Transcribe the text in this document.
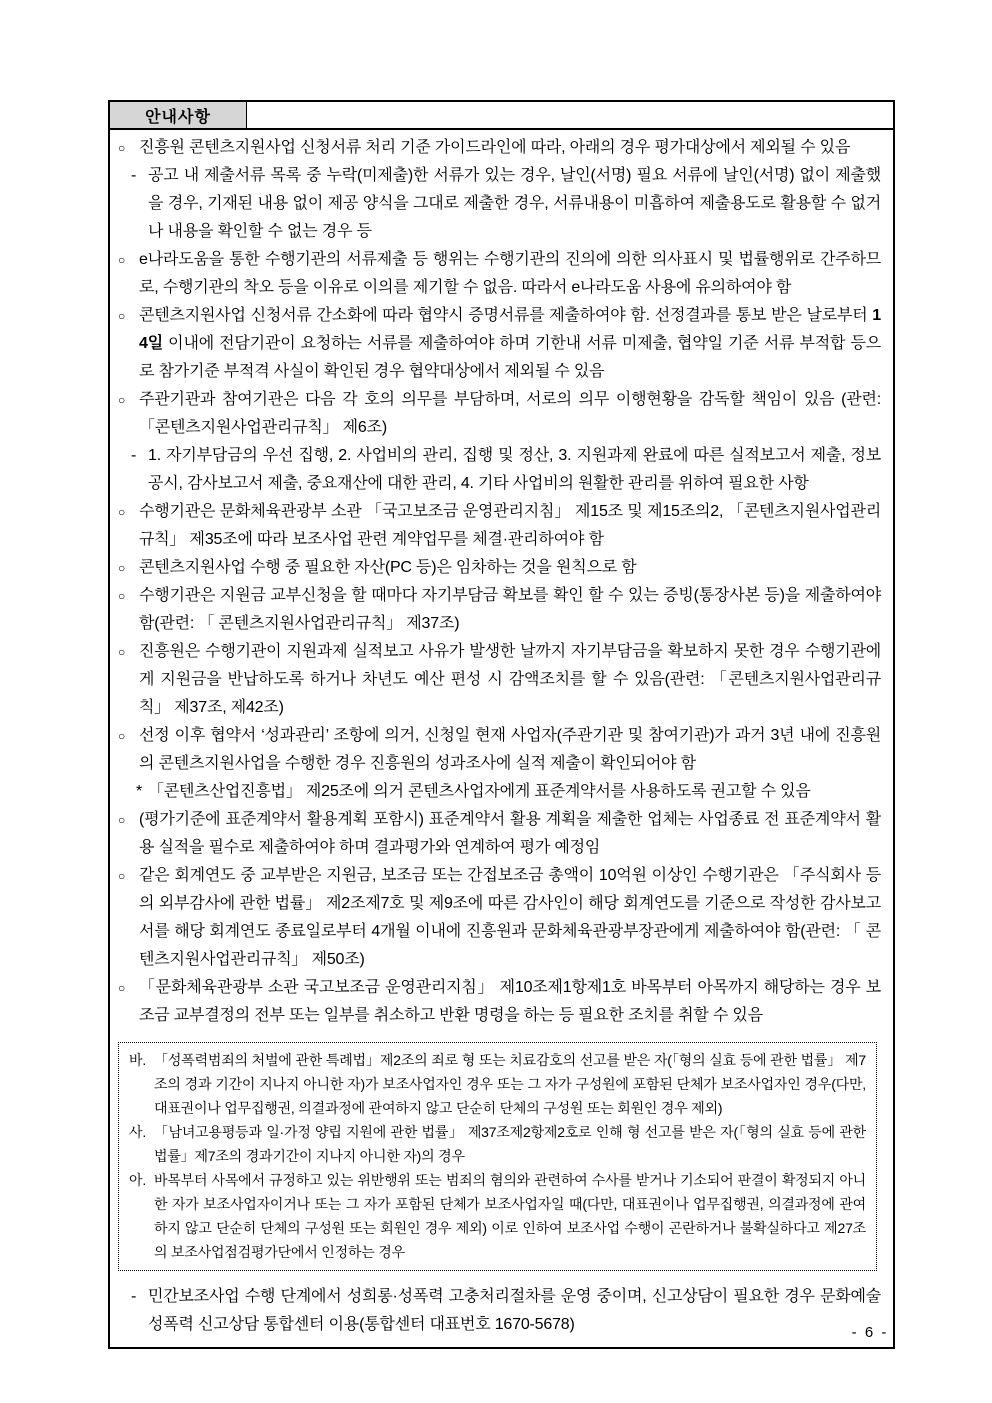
안내사항
○ 진흥원 콘텐츠지원사업 신청서류 처리 기준 가이드라인에 따라, 아래의 경우 평가대상에서 제외될 수 있음
- 공고 내 제출서류 목록 중 누락(미제출)한 서류가 있는 경우, 날인(서명) 필요 서류에 날인(서명) 없이 제출했을 경우, 기재된 내용 없이 제공 양식을 그대로 제출한 경우, 서류내용이 미흡하여 제출용도로 활용할 수 없거나 내용을 확인할 수 없는 경우 등
○ e나라도움을 통한 수행기관의 서류제출 등 행위는 수행기관의 진의에 의한 의사표시 및 법률행위로 간주하므로, 수행기관의 착오 등을 이유로 이의를 제기할 수 없음. 따라서 e나라도움 사용에 유의하여야 함
○ 콘텐츠지원사업 신청서류 간소화에 따라 협약시 증명서류를 제출하여야 함. 선정결과를 통보 받은 날로부터 14일 이내에 전담기관이 요청하는 서류를 제출하여야 하며 기한내 서류 미제출, 협약일 기준 서류 부적합 등으로 참가기준 부적격 사실이 확인된 경우 협약대상에서 제외될 수 있음
○ 주관기관과 참여기관은 다음 각 호의 의무를 부담하며, 서로의 의무 이행현황을 감독할 책임이 있음 (관련: 「콘텐츠지원사업관리규칙」 제6조)
- 1. 자기부담금의 우선 집행, 2. 사업비의 관리, 집행 및 정산, 3. 지원과제 완료에 따른 실적보고서 제출, 정보공시, 감사보고서 제출, 중요재산에 대한 관리, 4. 기타 사업비의 원활한 관리를 위하여 필요한 사항
○ 수행기관은 문화체육관광부 소관 「국고보조금 운영관리지침」 제15조 및 제15조의2, 「콘텐츠지원사업관리규칙」 제35조에 따라 보조사업 관련 계약업무를 체결·관리하여야 함
○ 콘텐츠지원사업 수행 중 필요한 자산(PC 등)은 임차하는 것을 원칙으로 함
○ 수행기관은 지원금 교부신청을 할 때마다 자기부담금 확보를 확인 할 수 있는 증빙(통장사본 등)을 제출하여야 함(관련: 「 콘텐츠지원사업관리규칙」 제37조)
○ 진흥원은 수행기관이 지원과제 실적보고 사유가 발생한 날까지 자기부담금을 확보하지 못한 경우 수행기관에게 지원금을 반납하도록 하거나 차년도 예산 편성 시 감액조치를 할 수 있음(관련: 「콘텐츠지원사업관리규칙」 제37조, 제42조)
○ 선정 이후 협약서 ‘성과관리’ 조항에 의거, 신청일 현재 사업자(주관기관 및 참여기관)가 과거 3년 내에 진흥원의 콘텐츠지원사업을 수행한 경우 진흥원의 성과조사에 실적 제출이 확인되어야 함
* 「콘텐츠산업진흥법」 제25조에 의거 콘텐츠사업자에게 표준계약서를 사용하도록 권고할 수 있음
○ (평가기준에 표준계약서 활용계획 포함시) 표준계약서 활용 계획을 제출한 업체는 사업종료 전 표준계약서 활용 실적을 필수로 제출하여야 하며 결과평가와 연계하여 평가 예정임
○ 같은 회계연도 중 교부받은 지원금, 보조금 또는 간접보조금 총액이 10억원 이상인 수행기관은 「주식회사 등의 외부감사에 관한 법률」 제2조제7호 및 제9조에 따른 감사인이 해당 회계연도를 기준으로 작성한 감사보고서를 해당 회계연도 종료일로부터 4개월 이내에 진흥원과 문화체육관광부장관에게 제출하여야 함(관련: 「 콘텐츠지원사업관리규칙」 제50조)
○ 「문화체육관광부 소관 국고보조금 운영관리지침」 제10조제1항제1호 바목부터 아목까지 해당하는 경우 보조금 교부결정의 전부 또는 일부를 취소하고 반환 명령을 하는 등 필요한 조치를 취할 수 있음
바. 「성폭력범죄의 처벌에 관한 특례법」제2조의 죄로 형 또는 치료감호의 선고를 받은 자(「형의 실효 등에 관한 법률」 제7조의 경과 기간이 지나지 아니한 자)가 보조사업자인 경우 또는 그 자가 구성원에 포함된 단체가 보조사업자인 경우(다만, 대표권이나 업무집행권, 의결과정에 관여하지 않고 단순히 단체의 구성원 또는 회원인 경우 제외)
사. 「남녀고용평등과 일·가정 양립 지원에 관한 법률」 제37조제2항제2호로 인해 형 선고를 받은 자(「형의 실효 등에 관한 법률」제7조의 경과기간이 지나지 아니한 자)의 경우
아. 바목부터 사목에서 규정하고 있는 위반행위 또는 범죄의 혐의와 관련하여 수사를 받거나 기소되어 판결이 확정되지 아니한 자가 보조사업자이거나 또는 그 자가 포함된 단체가 보조사업자일 때(다만, 대표권이나 업무집행권, 의결과정에 관여하지 않고 단순히 단체의 구성원 또는 회원인 경우 제외) 이로 인하여 보조사업 수행이 곤란하거나 불확실하다고 제27조의 보조사업점검평가단에서 인정하는 경우
- 민간보조사업 수행 단계에서 성희롱·성폭력 고충처리절차를 운영 중이며, 신고상담이 필요한 경우 문화예술 성폭력 신고상담 통합센터 이용(통합센터 대표번호 1670-5678)	- 6 -
